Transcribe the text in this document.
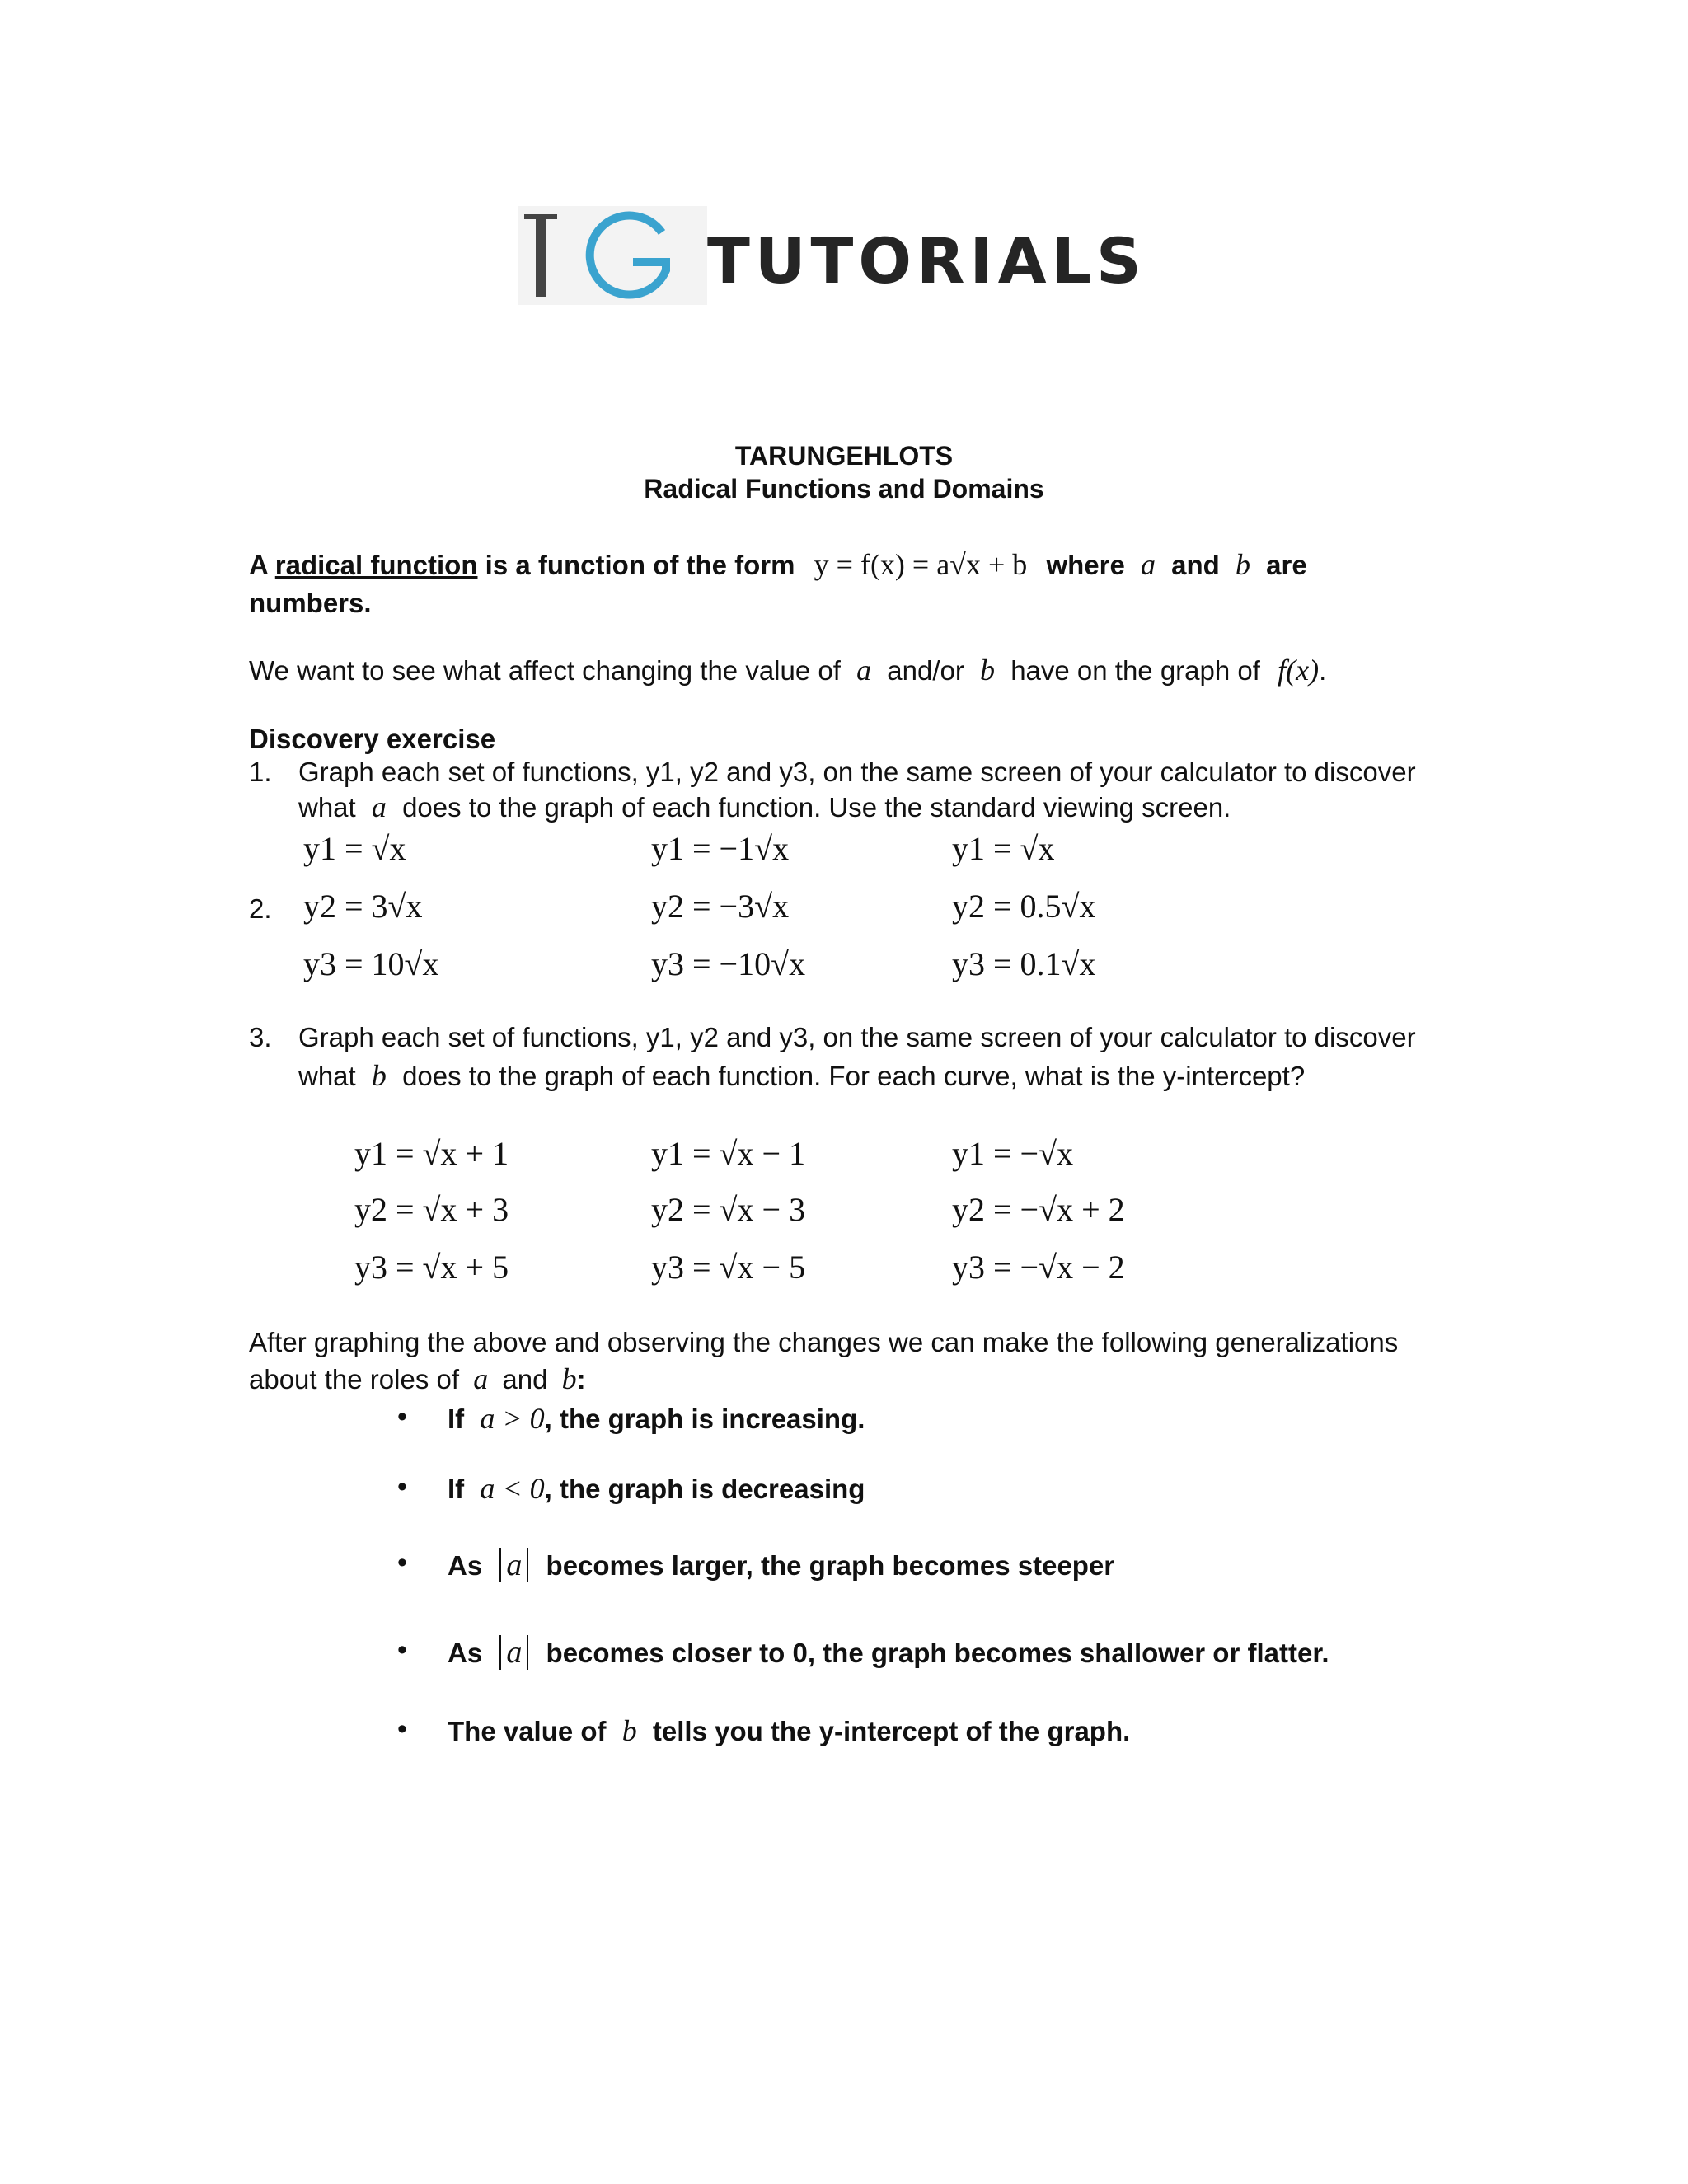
TUTORIALS
TARUNGEHLOTS
Radical Functions and Domains
A radical function is a function of the form y = f(x) = a√x + b where a and b are
numbers.
We want to see what affect changing the value of a and/or b have on the graph of f(x).
Discovery exercise
1. Graph each set of functions, y1, y2 and y3, on the same screen of your calculator to discover
what a does to the graph of each function. Use the standard viewing screen.
y1 = √x	y1 = −1√x	y1 = √x
2. y2 = 3√x	y2 = −3√x	y2 = 0.5√x
y3 = 10√x	y3 = −10√x	y3 = 0.1√x
3. Graph each set of functions, y1, y2 and y3, on the same screen of your calculator to discover
what b does to the graph of each function. For each curve, what is the y-intercept?
y1 = √x + 1	y1 = √x − 1	y1 = −√x
y2 = √x + 3	y2 = √x − 3	y2 = −√x + 2
y3 = √x + 5	y3 = √x − 5	y3 = −√x − 2
After graphing the above and observing the changes we can make the following generalizations
about the roles of a and b:
• If a > 0, the graph is increasing.
• If a < 0, the graph is decreasing
• As a becomes larger, the graph becomes steeper
• As a becomes closer to 0, the graph becomes shallower or flatter.
• The value of b tells you the y-intercept of the graph.
